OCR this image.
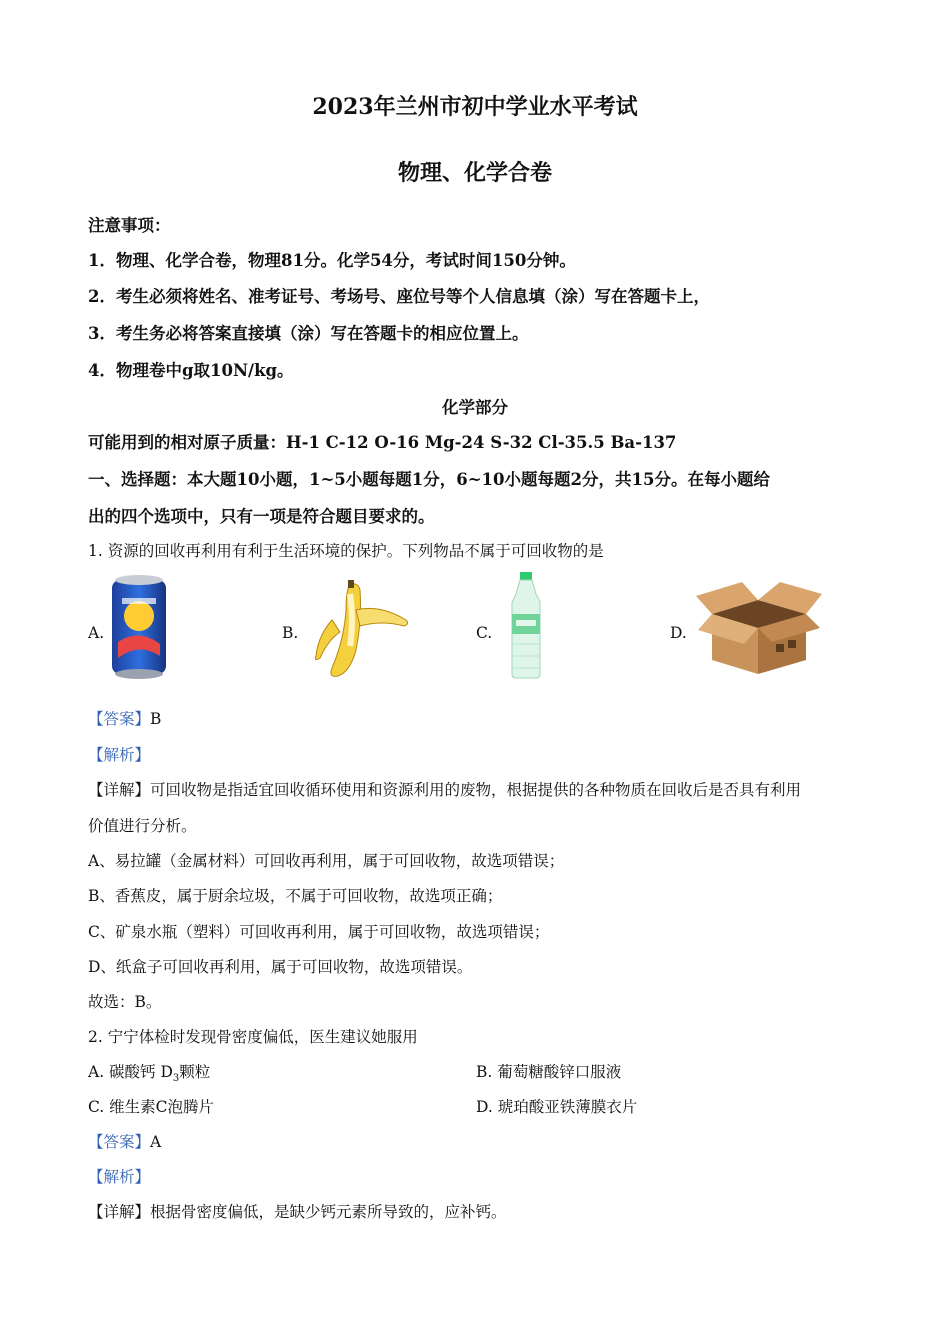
2023年兰州市初中学业水平考试
物理、化学合卷
注意事项：
1．物理、化学合卷，物理81分。化学54分，考试时间150分钟。
2．考生必须将姓名、准考证号、考场号、座位号等个人信息填（涂）写在答题卡上，
3．考生务必将答案直接填（涂）写在答题卡的相应位置上。
4．物理卷中g取10N/kg。
化学部分
可能用到的相对原子质量：H-1 C-12 O-16 Mg-24 S-32 Cl-35.5 Ba-137
一、选择题：本大题10小题，1~5小题每题1分，6~10小题每题2分，共15分。在每小题给
出的四个选项中，只有一项是符合题目要求的。
1. 资源的回收再利用有利于生活环境的保护。下列物品不属于可回收物的是
A.	B.	C.	D.
【答案】B
【解析】
【详解】可回收物是指适宜回收循环使用和资源利用的废物，根据提供的各种物质在回收后是否具有利用
价值进行分析。
A、易拉罐（金属材料）可回收再利用，属于可回收物，故选项错误；
B、香蕉皮，属于厨余垃圾，不属于可回收物，故选项正确；
C、矿泉水瓶（塑料）可回收再利用，属于可回收物，故选项错误；
D、纸盒子可回收再利用，属于可回收物，故选项错误。
故选：B。
2. 宁宁体检时发现骨密度偏低，医生建议她服用
A. 碳酸钙 $D_3$颗粒	B. 葡萄糖酸锌口服液
C. 维生素C泡腾片	D. 琥珀酸亚铁薄膜衣片
【答案】A
【解析】
【详解】根据骨密度偏低，是缺少钙元素所导致的，应补钙。
